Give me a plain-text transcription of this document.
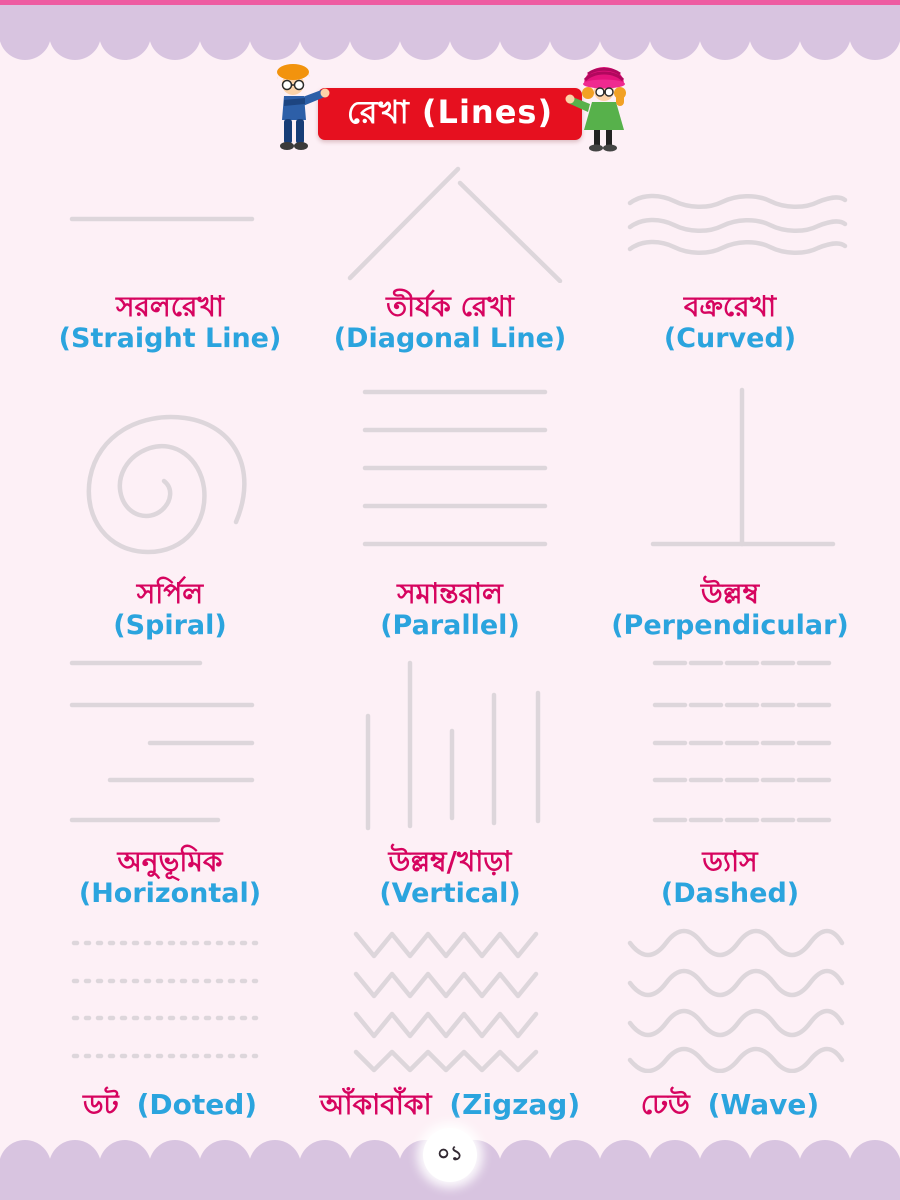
০১
রেখা (Lines)
সরলরেখা
(Straight Line)
তীর্যক রেখা
(Diagonal Line)
বক্ররেখা
(Curved)
সর্পিল
(Spiral)
সমান্তরাল
(Parallel)
উল্লম্ব
(Perpendicular)
অনুভূমিক
(Horizontal)
উল্লম্ব/খাড়া
(Vertical)
ড্যাস
(Dashed)
ডট (Doted)	আঁকাবাঁকা (Zigzag)	ঢেউ (Wave)
